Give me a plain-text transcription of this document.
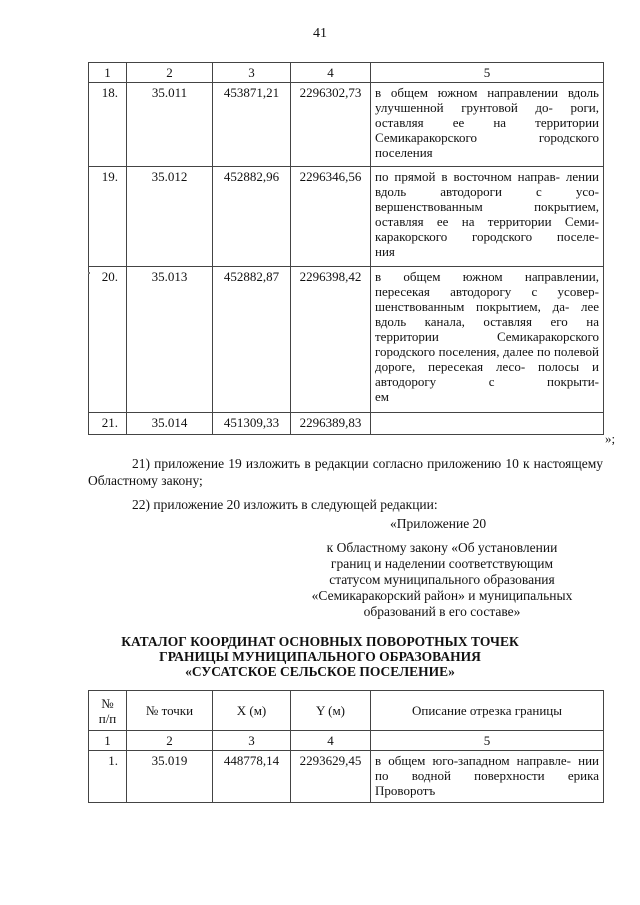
41
1	2	3	4	5
18.	35.011	453871,21	2296302,73	в общем южном направлении вдоль улучшенной грунтовой до- роги, оставляя ее на территории Семикаракорского городского
поселения

19.	35.012	452882,96	2296346,56	по прямой в восточном направ- лении вдоль автодороги с усо- вершенствованным покрытием, оставляя ее на территории Семи- каракорского городского поселе-
ния

20.	35.013	452882,87	2296398,42	в общем южном направлении, пересекая автодорогу с усовер- шенствованным покрытием, да- лее вдоль канала, оставляя его на территории Семикаракорского городского поселения, далее по полевой дороге, пересекая лесо- полосы и автодорогу с покрыти-
ем

21.	35.014	451309,33	2296389,83	
»;
21) приложение 19 изложить в редакции согласно приложению 10 к настоящему Областному закону;
22) приложение 20 изложить в следующей редакции:
«Приложение 20
к Областному закону «Об установлении
границ и наделении соответствующим
статусом муниципального образования
«Семикаракорский район» и муниципальных
образований в его составе»
КАТАЛОГ КООРДИНАТ ОСНОВНЫХ ПОВОРОТНЫХ ТОЧЕК
ГРАНИЦЫ МУНИЦИПАЛЬНОГО ОБРАЗОВАНИЯ
«СУСАТСКОЕ СЕЛЬСКОЕ ПОСЕЛЕНИЕ»
№
п/п	№ точки	Х (м)	Y (м)	Описание отрезка границы
1	2	3	4	5
1.	35.019	448778,14	2293629,45	в общем юго-западном направле- нии по водной поверхности ерика
Проворотъ
